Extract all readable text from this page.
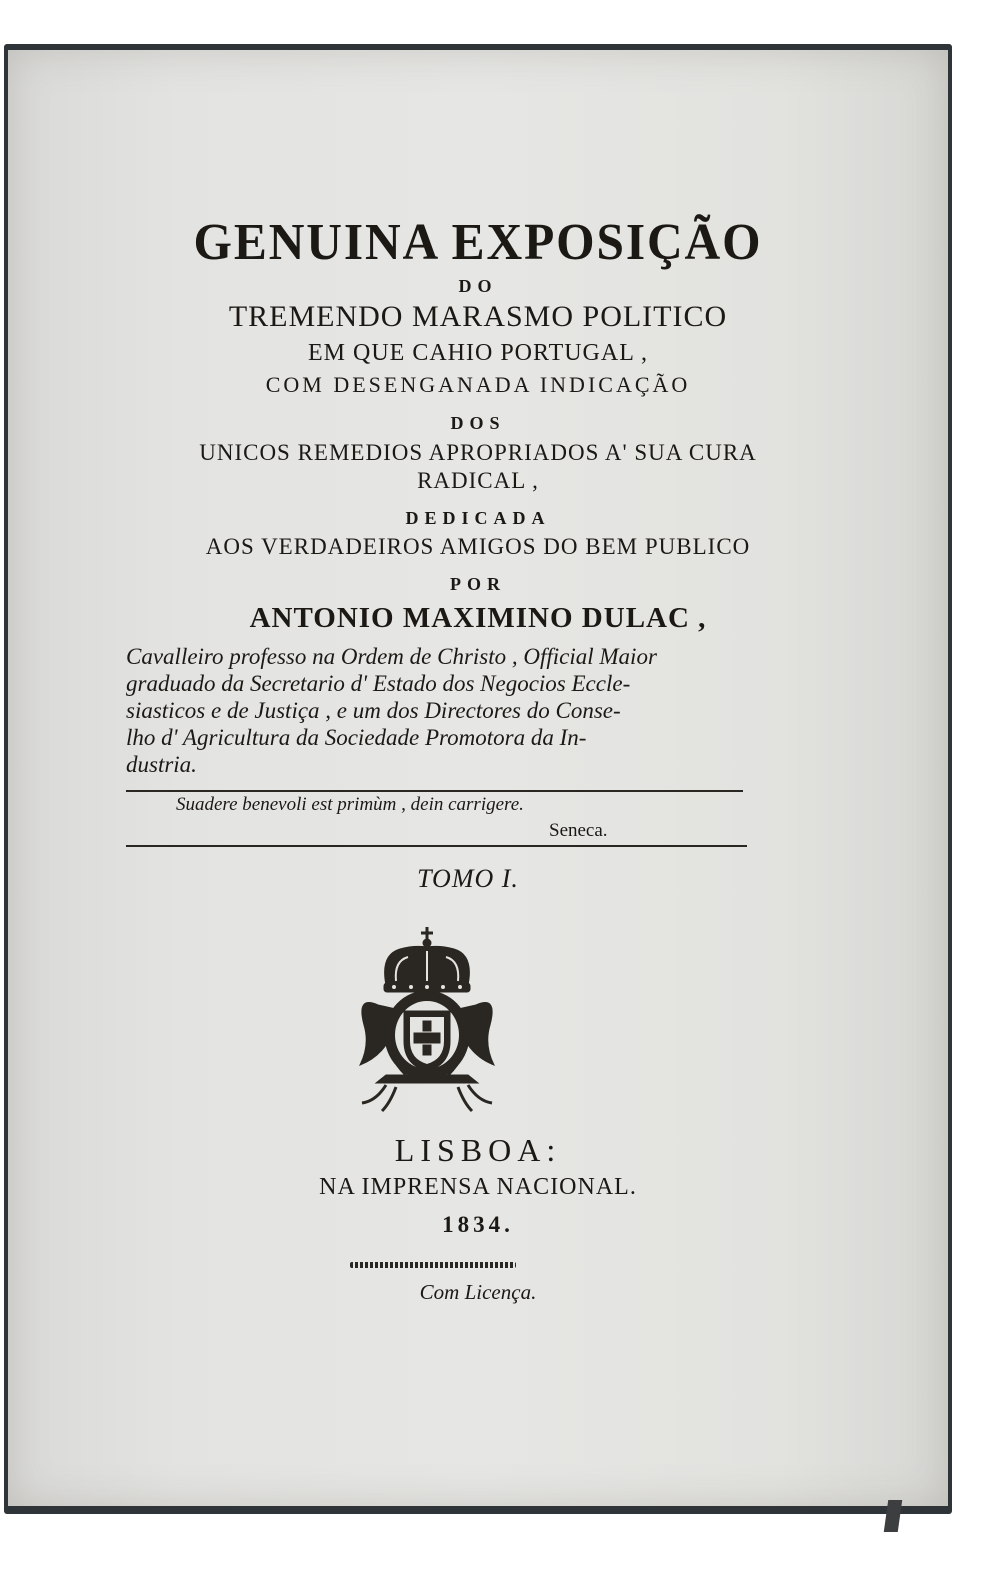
GENUINA EXPOSIÇÃO
DO
TREMENDO MARASMO POLITICO
EM QUE CAHIO PORTUGAL ,
COM DESENGANADA INDICAÇÃO
DOS
UNICOS REMEDIOS APROPRIADOS A' SUA CURA
RADICAL ,
DEDICADA
AOS VERDADEIROS AMIGOS DO BEM PUBLICO
POR
ANTONIO MAXIMINO DULAC ,
Cavalleiro professo na Ordem de Christo , Official Maior
graduado da Secretario d' Estado dos Negocios Eccle-
siasticos e de Justiça , e um dos Directores do Conse-
lho d' Agricultura da Sociedade Promotora da In-
dustria.
Suadere benevoli est primùm , dein carrigere.
Seneca.
TOMO I.
LISBOA:
NA IMPRENSA NACIONAL.
1834.
Com Licença.
